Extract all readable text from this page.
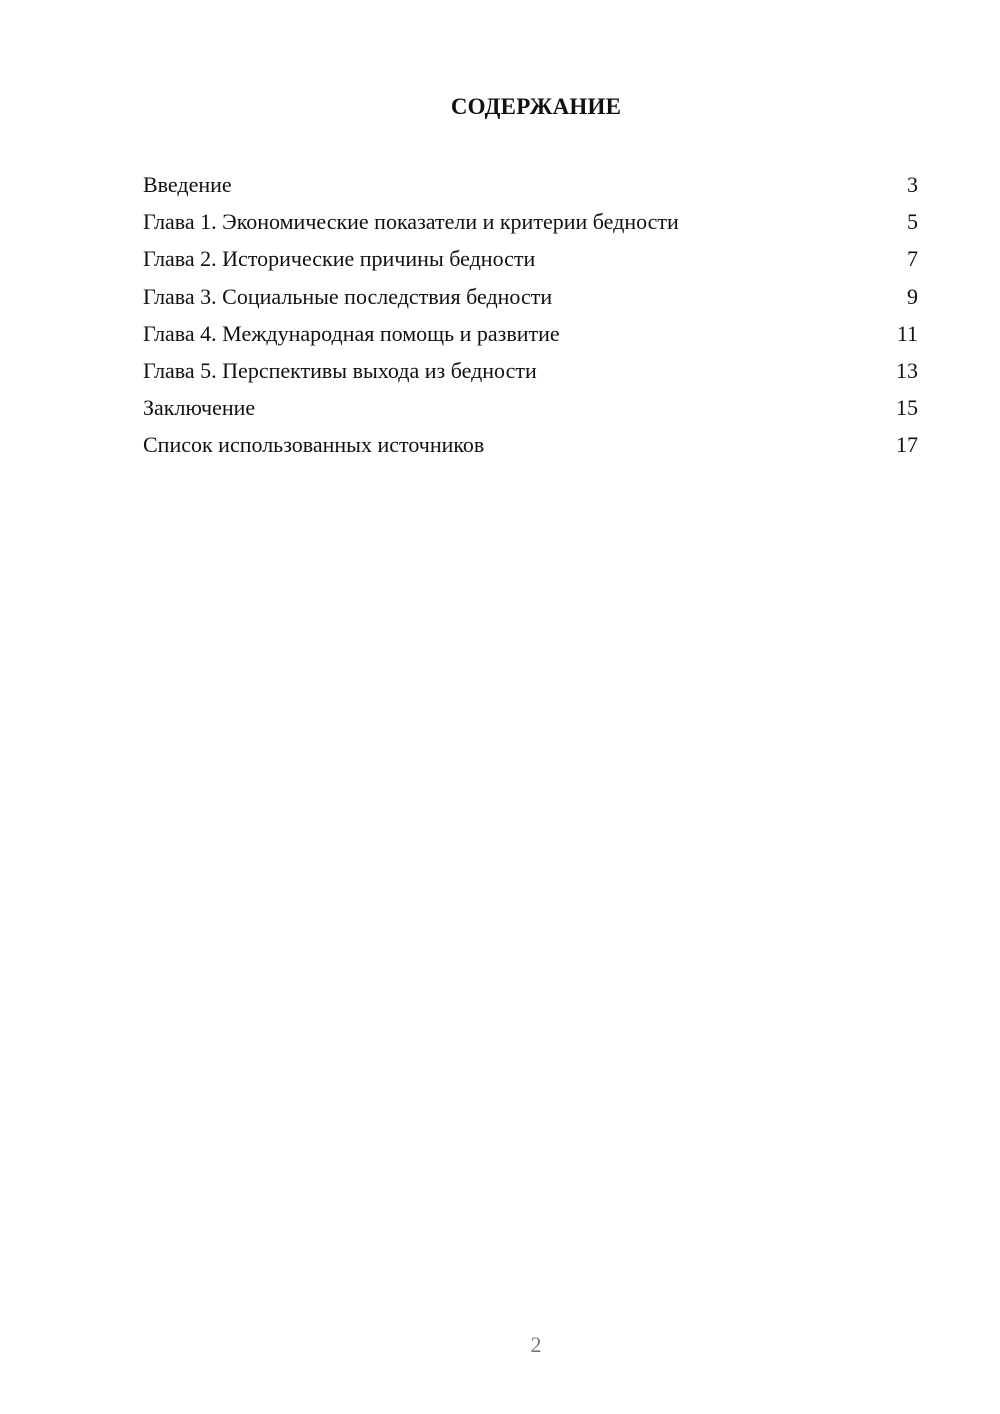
СОДЕРЖАНИЕ
Введение	3
Глава 1. Экономические показатели и критерии бедности	5
Глава 2. Исторические причины бедности	7
Глава 3. Социальные последствия бедности	9
Глава 4. Международная помощь и развитие	11
Глава 5. Перспективы выхода из бедности	13
Заключение	15
Список использованных источников	17
2
